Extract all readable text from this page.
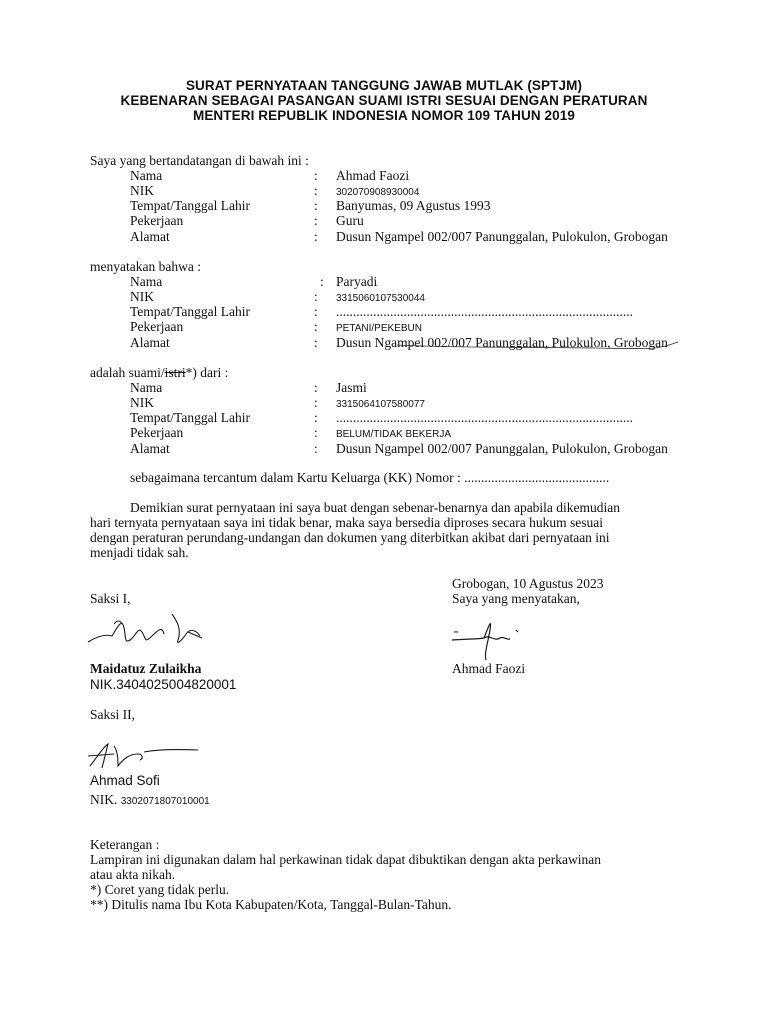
SURAT PERNYATAAN TANGGUNG JAWAB MUTLAK (SPTJM)
KEBENARAN SEBAGAI PASANGAN SUAMI ISTRI SESUAI DENGAN PERATURAN
MENTERI REPUBLIK INDONESIA NOMOR 109 TAHUN 2019
Saya yang bertandatangan di bawah ini :
Nama	: Ahmad Faozi
NIK	: 302070908930004
Tempat/Tanggal Lahir	: Banyumas, 09 Agustus 1993
Pekerjaan	: Guru
Alamat	: Dusun Ngampel 002/007 Panunggalan, Pulokulon, Grobogan
menyatakan bahwa :
Nama	: Paryadi
NIK	: 3315060107530044
Tempat/Tanggal Lahir	: ........................................................................................
Pekerjaan	: PETANI/PEKEBUN
Alamat	: Dusun Ngampel 002/007 Panunggalan, Pulokulon, Grobogan
adalah suami/istri*) dari :
Nama	: Jasmi
NIK	: 3315064107580077
Tempat/Tanggal Lahir	: ........................................................................................
Pekerjaan	: BELUM/TIDAK BEKERJA
Alamat	: Dusun Ngampel 002/007 Panunggalan, Pulokulon, Grobogan
sebagaimana tercantum dalam Kartu Keluarga (KK) Nomor : ...........................................
Demikian surat pernyataan ini saya buat dengan sebenar-benarnya dan apabila dikemudian
hari ternyata pernyataan saya ini tidak benar, maka saya bersedia diproses secara hukum sesuai
dengan peraturan perundang-undangan dan dokumen yang diterbitkan akibat dari pernyataan ini
menjadi tidak sah.
Grobogan, 10 Agustus 2023
Saya yang menyatakan,
Saksi I,
Maidatuz Zulaikha
NIK.3404025004820001
Ahmad Faozi
Saksi II,
Ahmad Sofi
NIK. 3302071807010001
Keterangan :
Lampiran ini digunakan dalam hal perkawinan tidak dapat dibuktikan dengan akta perkawinan
atau akta nikah.
*) Coret yang tidak perlu.
**) Ditulis nama Ibu Kota Kabupaten/Kota, Tanggal-Bulan-Tahun.
